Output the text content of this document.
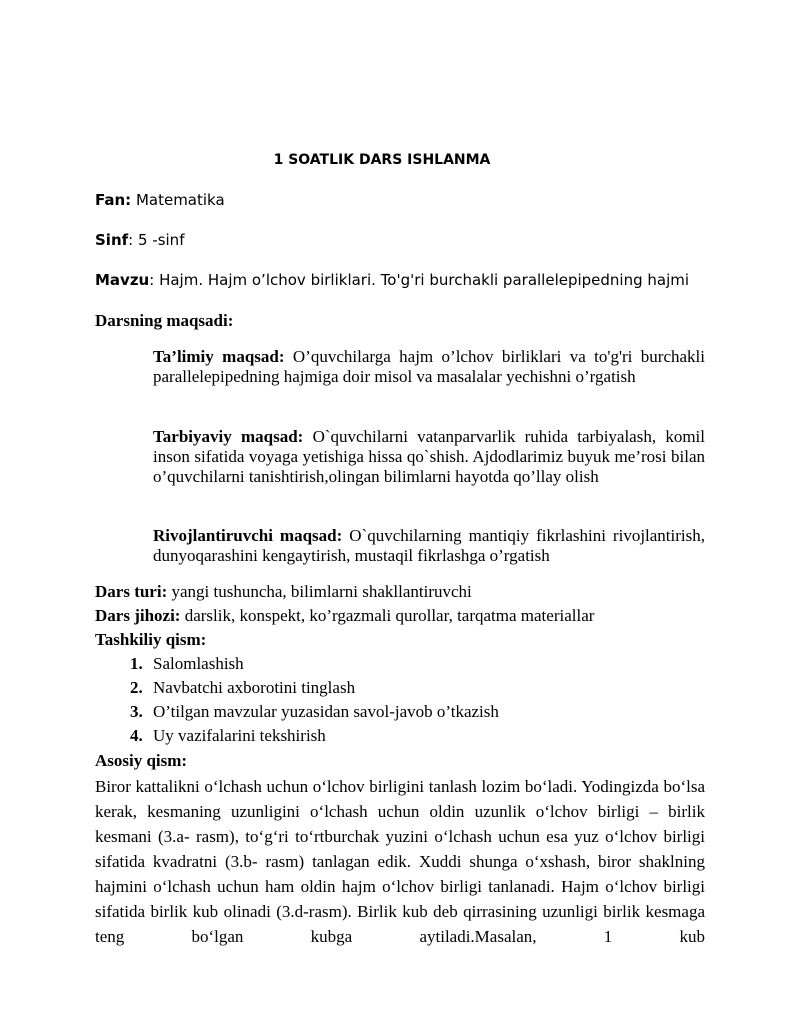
1 SOATLIK DARS ISHLANMA
Fan: Matematika
Sinf: 5 -sinf
Mavzu: Hajm. Hajm o’lchov birliklari. To'g'ri burchakli parallelepipedning hajmi
Darsning maqsadi:
Ta’limiy maqsad: O’quvchilarga hajm o’lchov birliklari va to'g'ri burchakli parallelepipedning hajmiga doir misol va masalalar yechishni o’rgatish
Tarbiyaviy maqsad: O`quvchilarni vatanparvarlik ruhida tarbiyalash, komil inson sifatida voyaga yetishiga hissa qo`shish. Ajdodlarimiz buyuk me’rosi bilan o’quvchilarni tanishtirish,olingan bilimlarni hayotda qo’llay olish
Rivojlantiruvchi maqsad: O`quvchilarning mantiqiy fikrlashini rivojlantirish, dunyoqarashini kengaytirish, mustaqil fikrlashga o’rgatish
Dars turi: yangi tushuncha, bilimlarni shakllantiruvchi
Dars jihozi: darslik, konspekt, ko’rgazmali qurollar, tarqatma materiallar
Tashkiliy qism:
1. Salomlashish
2. Navbatchi axborotini tinglash
3. O’tilgan mavzular yuzasidan savol-javob o’tkazish
4. Uy vazifalarini tekshirish
Asosiy qism:
Biror kattalikni o‘lchash uchun o‘lchov birligini tanlash lozim bo‘ladi. Yodingizda bo‘lsa kerak, kesmaning uzunligini o‘lchash uchun oldin uzunlik o‘lchov birligi – birlik kesmani (3.a- rasm), to‘g‘ri to‘rtburchak yuzini o‘lchash uchun esa yuz o‘lchov birligi sifatida kvadratni (3.b- rasm) tanlagan edik. Xuddi shunga o‘xshash, biror shaklning hajmini o‘lchash uchun ham oldin hajm o‘lchov birligi tanlanadi. Hajm o‘lchov birligi sifatida birlik kub olinadi (3.d-rasm). Birlik kub deb qirrasining uzunligi birlik kesmaga teng bo‘lgan kubga aytiladi.Masalan, 1 kub
